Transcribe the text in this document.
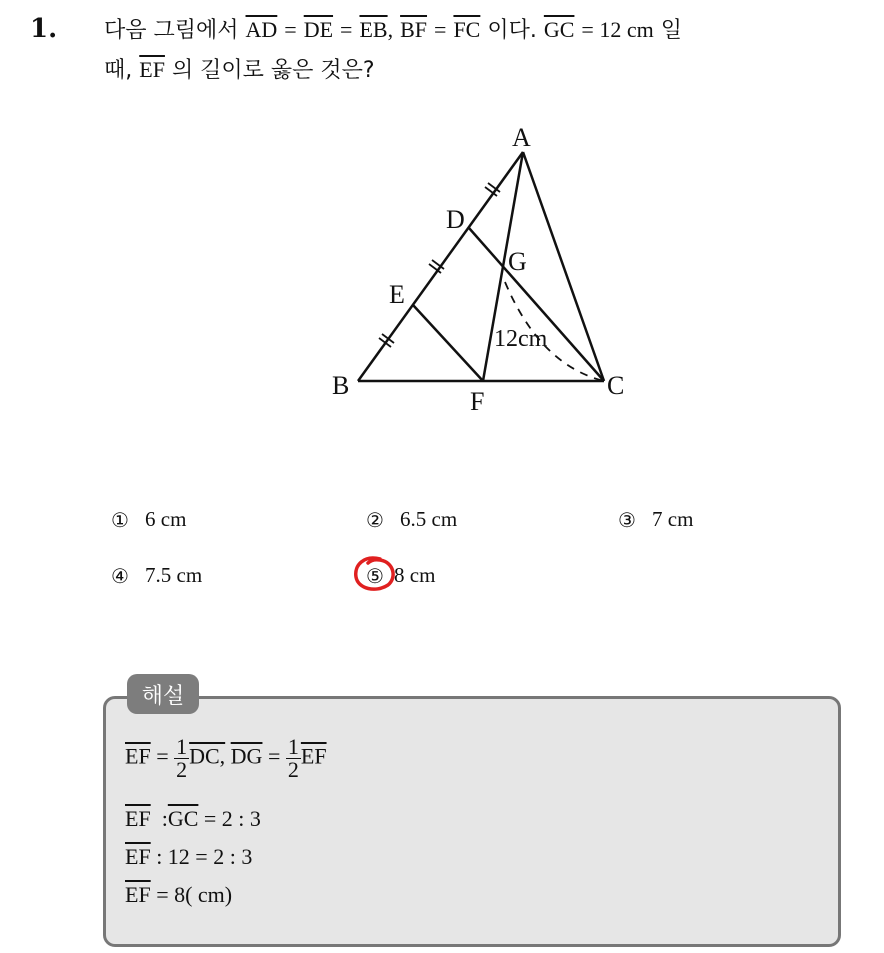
1. 다음 그림에서 $\overline{AD} = \overline{DE} = \overline{EB}$, $\overline{BF} = \overline{FC}$ 이다. $\overline{GC} = 12$ cm 일
때, $\overline{EF}$ 의 길이로 옳은 것은?
A
B	C
D
E
F
G
12cm
① 6 cm	② 6.5 cm	③ 7 cm
④ 7.5 cm	⑤ 8 cm
해설
$\overline{EF} = \frac{1}{2}$ DC, $\overline{DG} = \frac{1}{2} \overline{EF}$
$\overline{EF}$ $:\overline{GC} = 2$ : 3
$\overline{EF}$ : 12 = 2 : 3
$\overline{EF} = 8$( cm)
